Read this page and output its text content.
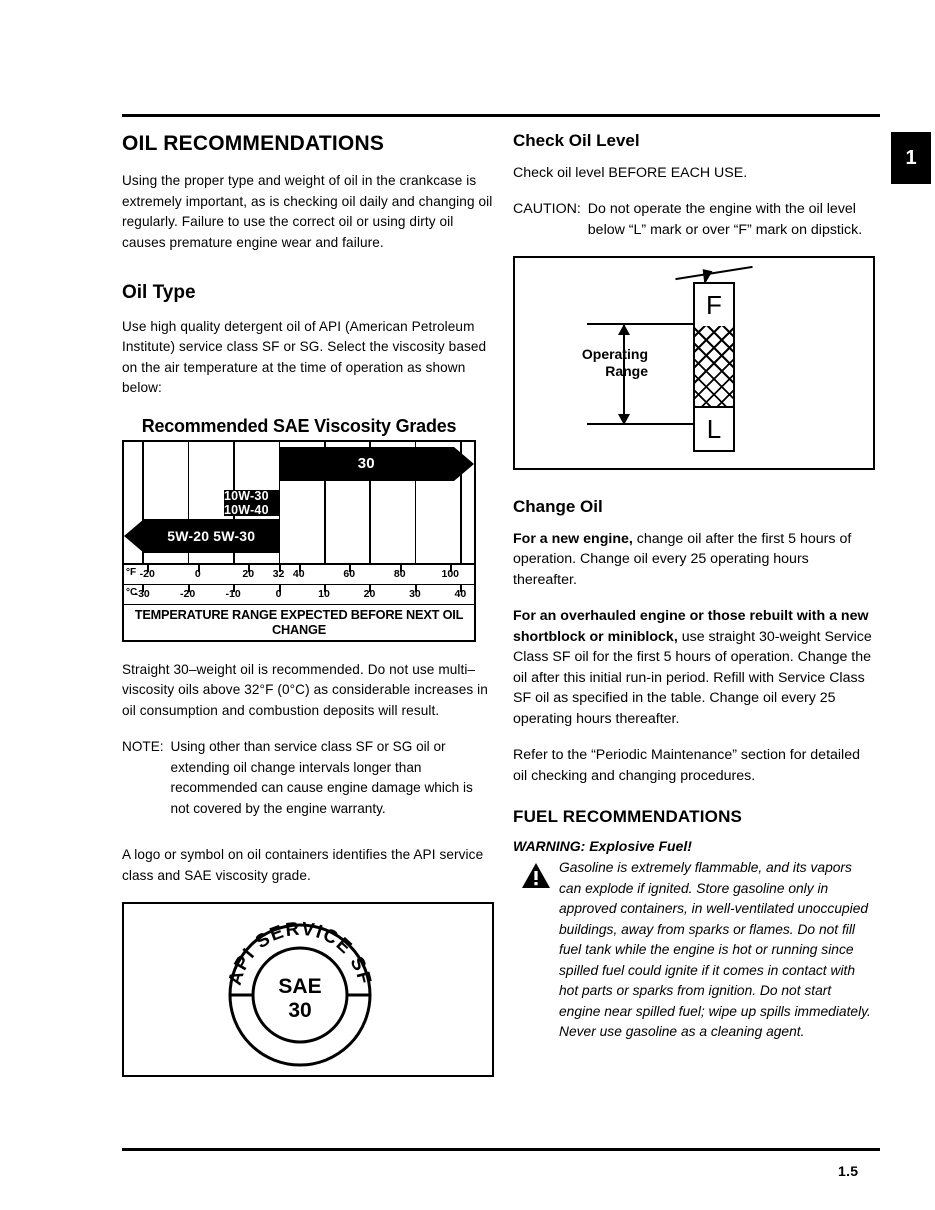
1
1.5
OIL RECOMMENDATIONS

Using the proper type and weight of oil in the crankcase is extremely important, as is checking oil daily and changing oil regularly. Failure to use the correct oil or using dirty oil causes premature engine wear and failure.

Oil Type

Use high quality detergent oil of API (American Petroleum Institute) service class SF or SG. Select the viscosity based on the air temperature at the time of operation as shown below:

Recommended SAE Viscosity Grades
30
10W-30 10W-40
5W-20 5W-30
°F -20	0	20 32 40	60	80	100
°C
-30	-20	-10	0	10	20	30	40
TEMPERATURE RANGE EXPECTED BEFORE NEXT OIL CHANGE

Straight 30–weight oil is recommended. Do not use multi–viscosity oils above 32°F (0°C) as considerable increases in oil consumption and combustion deposits will result.

NOTE: Using other than service class SF or SG oil or extending oil change intervals longer than recommended can cause engine damage which is not covered by the engine warranty.

A logo or symbol on oil containers identifies the API service class and SAE viscosity grade.

API SERVICE SF
SAE
30
Check Oil Level

Check oil level BEFORE EACH USE.

CAUTION: Do not operate the engine with the oil level below “L” mark or over “F” mark on dipstick.
Operating
Range
F
L
Change Oil

For a new engine, change oil after the first 5 hours of operation. Change oil every 25 operating hours thereafter.

For an overhauled engine or those rebuilt with a new shortblock or miniblock, use straight 30-weight Service Class SF oil for the first 5 hours of operation. Change the oil after this initial run-in period. Refill with Service Class SF oil as specified in the table. Change oil every 25 operating hours thereafter.

Refer to the “Periodic Maintenance” section for detailed oil checking and changing procedures.

FUEL RECOMMENDATIONS
WARNING: Explosive Fuel!
Gasoline is extremely flammable, and its vapors can explode if ignited. Store gasoline only in approved containers, in well-ventilated unoccupied buildings, away from sparks or flames. Do not fill fuel tank while the engine is hot or running since spilled fuel could ignite if it comes in contact with hot parts or sparks from ignition. Do not start engine near spilled fuel; wipe up spills immediately. Never use gasoline as a cleaning agent.
